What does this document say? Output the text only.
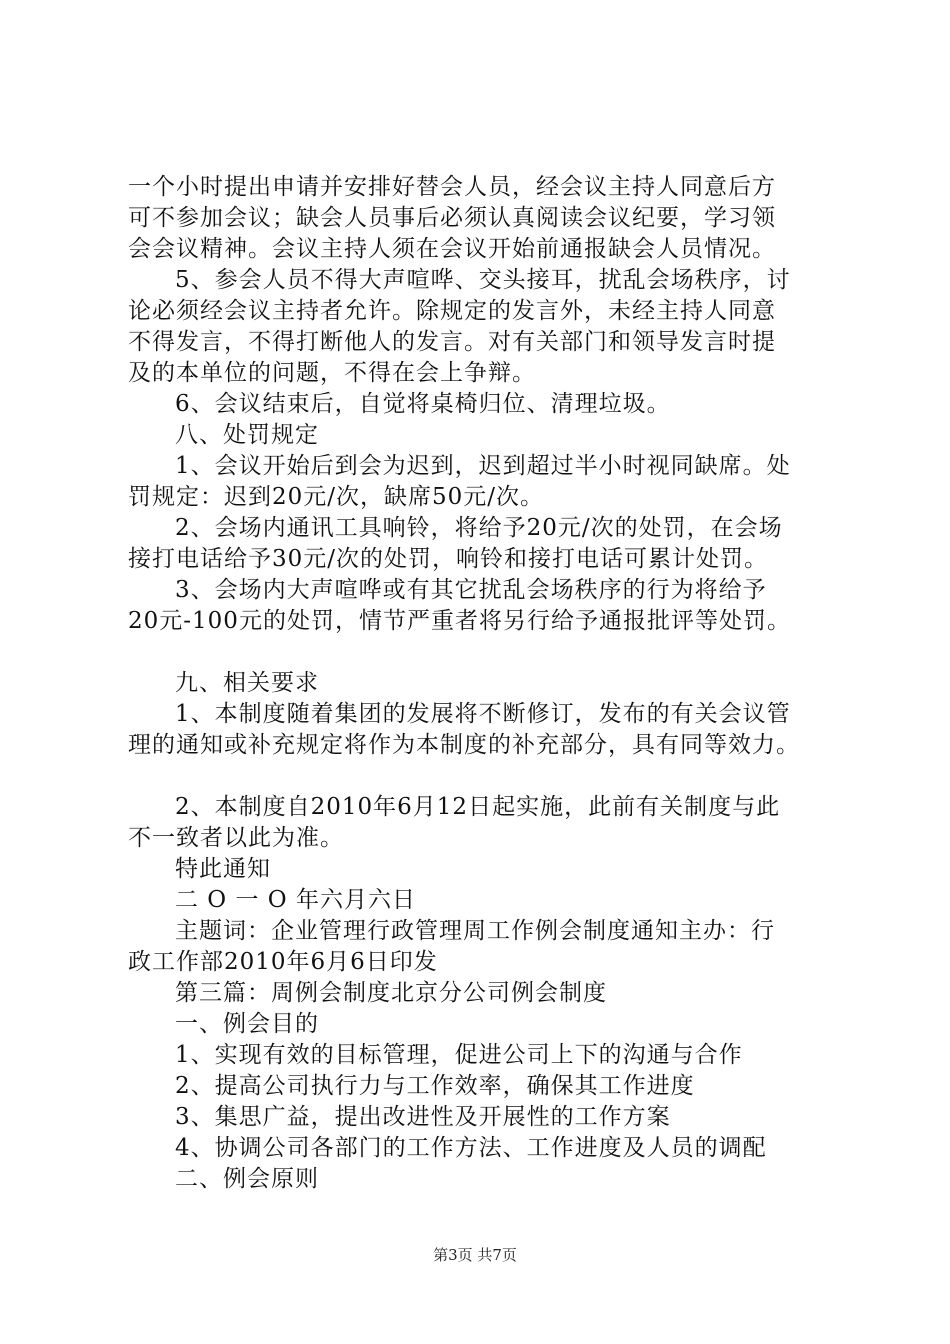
一个小时提出申请并安排好替会人员，经会议主持人同意后方
可不参加会议；缺会人员事后必须认真阅读会议纪要，学习领
会会议精神。会议主持人须在会议开始前通报缺会人员情况。
5、参会人员不得大声喧哗、交头接耳，扰乱会场秩序，讨
论必须经会议主持者允许。除规定的发言外，未经主持人同意
不得发言，不得打断他人的发言。对有关部门和领导发言时提
及的本单位的问题，不得在会上争辩。
6、会议结束后，自觉将桌椅归位、清理垃圾。
八、处罚规定
1、会议开始后到会为迟到，迟到超过半小时视同缺席。处
罚规定：迟到20元/次，缺席50元/次。
2、会场内通讯工具响铃，将给予20元/次的处罚，在会场
接打电话给予30元/次的处罚，响铃和接打电话可累计处罚。
3、会场内大声喧哗或有其它扰乱会场秩序的行为将给予
20元-100元的处罚，情节严重者将另行给予通报批评等处罚。
九、相关要求
1、本制度随着集团的发展将不断修订，发布的有关会议管
理的通知或补充规定将作为本制度的补充部分，具有同等效力。
2、本制度自2010年6月12日起实施，此前有关制度与此
不一致者以此为准。
特此通知
二 O 一 O 年六月六日
主题词：企业管理行政管理周工作例会制度通知主办：行
政工作部2010年6月6日印发
第三篇：周例会制度北京分公司例会制度
一、例会目的
1、实现有效的目标管理，促进公司上下的沟通与合作
2、提高公司执行力与工作效率，确保其工作进度
3、集思广益，提出改进性及开展性的工作方案
4、协调公司各部门的工作方法、工作进度及人员的调配
二、例会原则
第3页 共7页
